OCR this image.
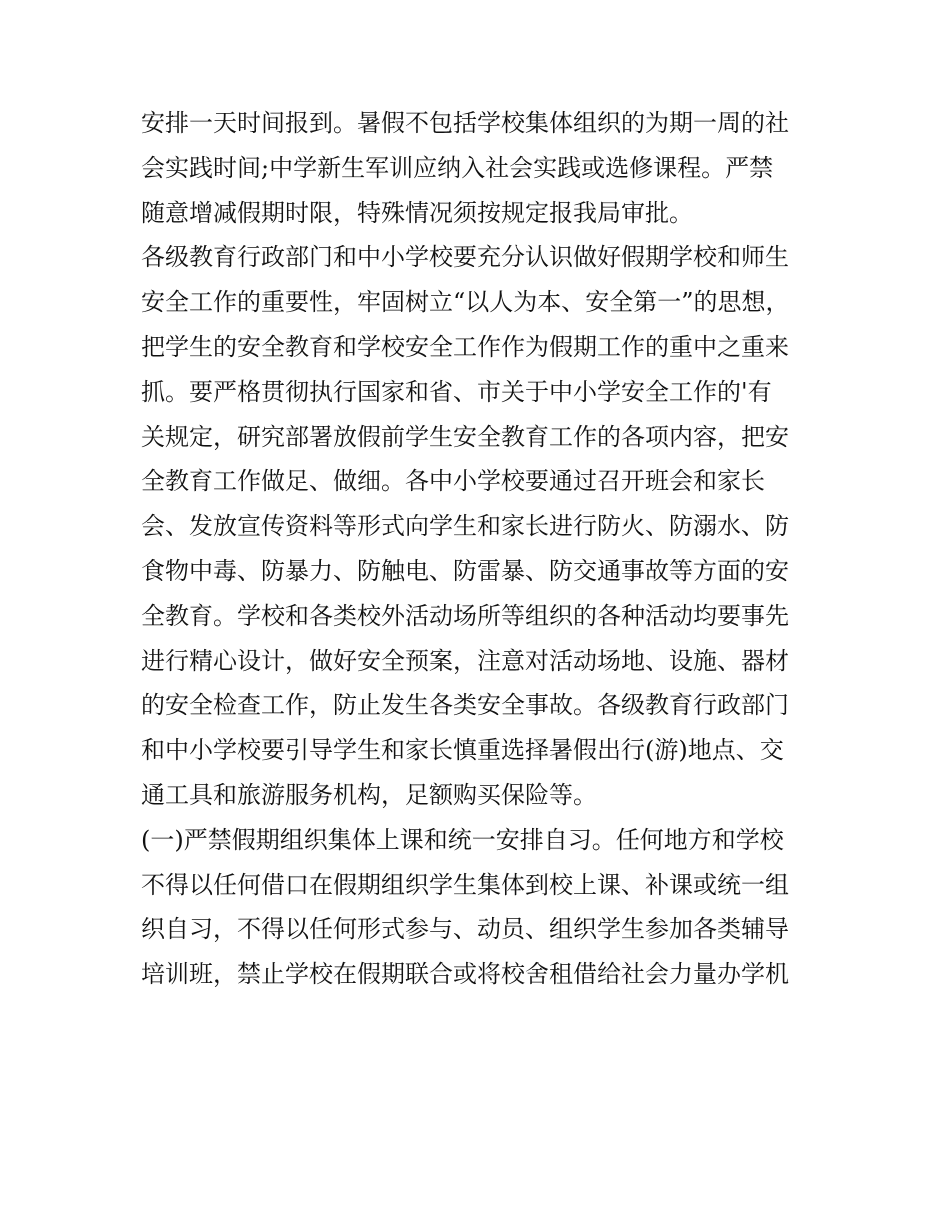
安排一天时间报到。暑假不包括学校集体组织的为期一周的社
会实践时间;中学新生军训应纳入社会实践或选修课程。严禁
随意增减假期时限，特殊情况须按规定报我局审批。
各级教育行政部门和中小学校要充分认识做好假期学校和师生
安全工作的重要性，牢固树立“以人为本、安全第一”的思想，
把学生的安全教育和学校安全工作作为假期工作的重中之重来
抓。要严格贯彻执行国家和省、市关于中小学安全工作的'有
关规定，研究部署放假前学生安全教育工作的各项内容，把安
全教育工作做足、做细。各中小学校要通过召开班会和家长
会、发放宣传资料等形式向学生和家长进行防火、防溺水、防
食物中毒、防暴力、防触电、防雷暴、防交通事故等方面的安
全教育。学校和各类校外活动场所等组织的各种活动均要事先
进行精心设计，做好安全预案，注意对活动场地、设施、器材
的安全检查工作，防止发生各类安全事故。各级教育行政部门
和中小学校要引导学生和家长慎重选择暑假出行(游)地点、交
通工具和旅游服务机构，足额购买保险等。
(一)严禁假期组织集体上课和统一安排自习。任何地方和学校
不得以任何借口在假期组织学生集体到校上课、补课或统一组
织自习，不得以任何形式参与、动员、组织学生参加各类辅导
培训班，禁止学校在假期联合或将校舍租借给社会力量办学机
